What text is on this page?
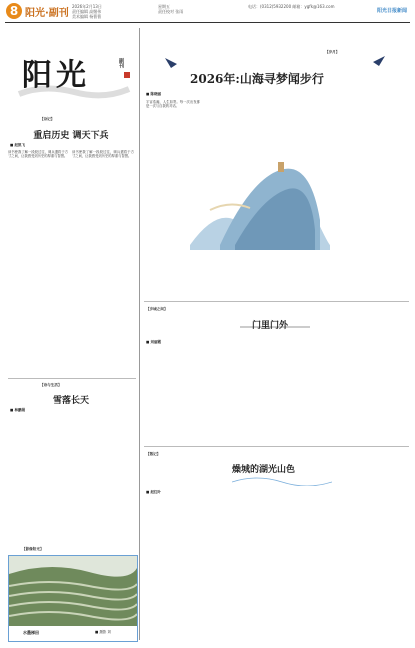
8 阳光·副刊
2026年2月13日
责任编辑 高继伟
美术编辑 杨曹曹
星期五
责任校对 张雨
电话：(0312)5932200 邮箱：ygfk@163.com
阳光日报新闻
阳光	副刊
【杂记】
重启历史 调天下兵
■ 赵凯飞
读书使我了解一段段过往，调兵遣将于方寸之间，让我感受到历史的厚重与智慧。
读书使我了解一段段过往，调兵遣将于方寸之间，让我感受到历史的厚重与智慧。
【诗与生活】
雪落长天
■ 林鹏娟
【影像阳光】
水墨梯田	■ 摄影 刘
【岁月】
2026年:山海寻梦闻步行
■ 陈晓丽
宇宙浩瀚，人生如寄。每一次出发都是一次与自我的对话。
【乡城之间】
门里门外
■ 刘丽霞
【散记】
燥城的湖光山色
■ 赵红叶
